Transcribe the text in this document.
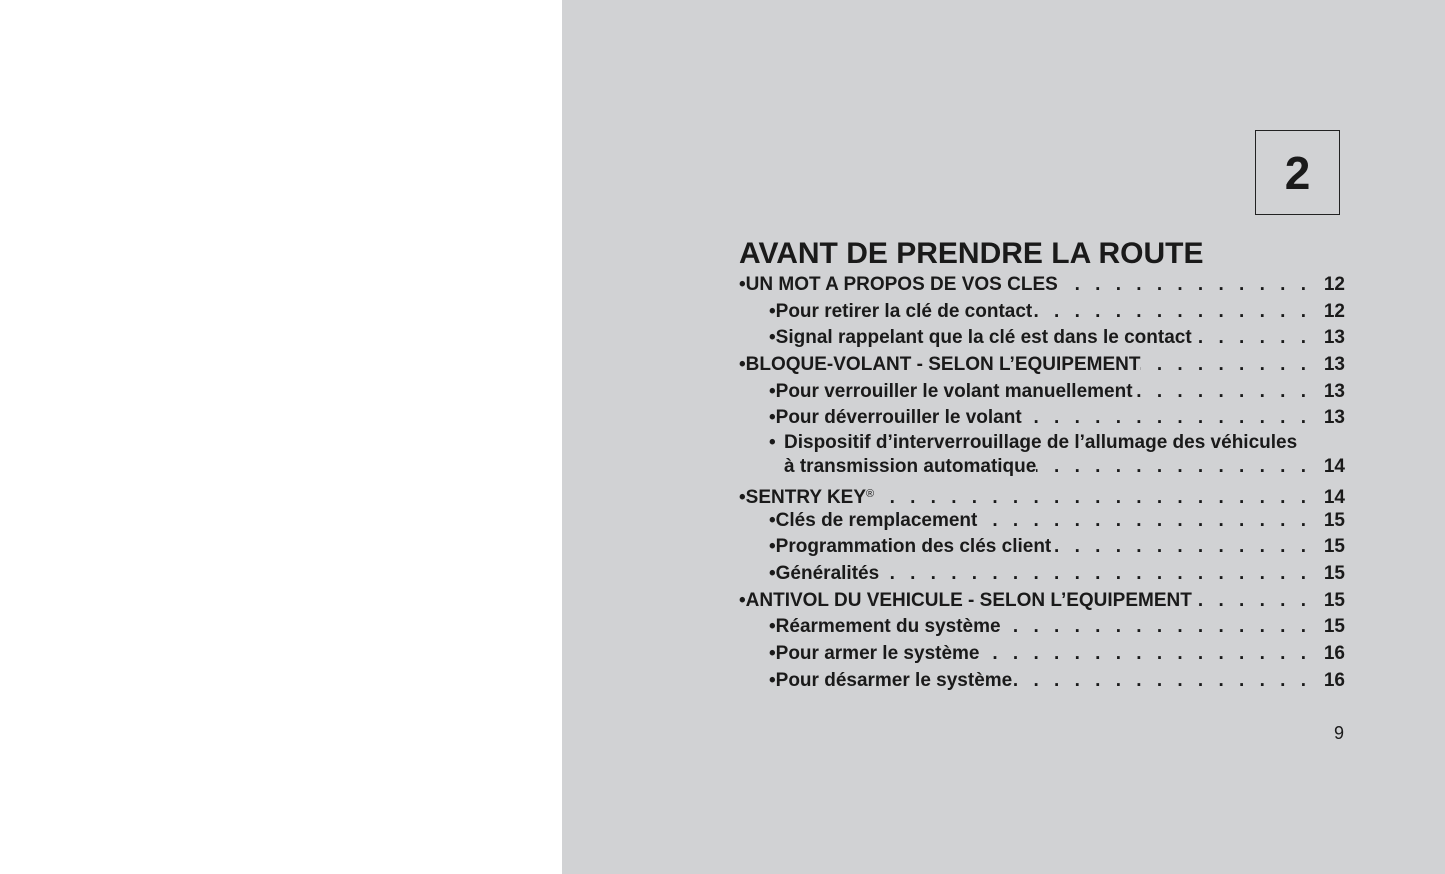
2
AVANT DE PRENDRE LA ROUTE
• UN MOT A PROPOS DE VOS CLES . . .	12
• Pour retirer la clé de contact . . .	12
• Signal rappelant que la clé est dans le contact . . .	13
• BLOQUE-VOLANT - SELON L’EQUIPEMENT . . .	13
• Pour verrouiller le volant manuellement . . .	13
• Pour déverrouiller le volant . . .	13
• Dispositif d’interverrouillage de l’allumage des véhicules
à transmission automatique . . .	14
• SENTRY KEY® . . .	14
• Clés de remplacement . . .	15
• Programmation des clés client . . .	15
• Généralités . . .	15
• ANTIVOL DU VEHICULE - SELON L’EQUIPEMENT . . .	15
• Réarmement du système . . .	15
• Pour armer le système . . .	16
• Pour désarmer le système . . .	16
9
